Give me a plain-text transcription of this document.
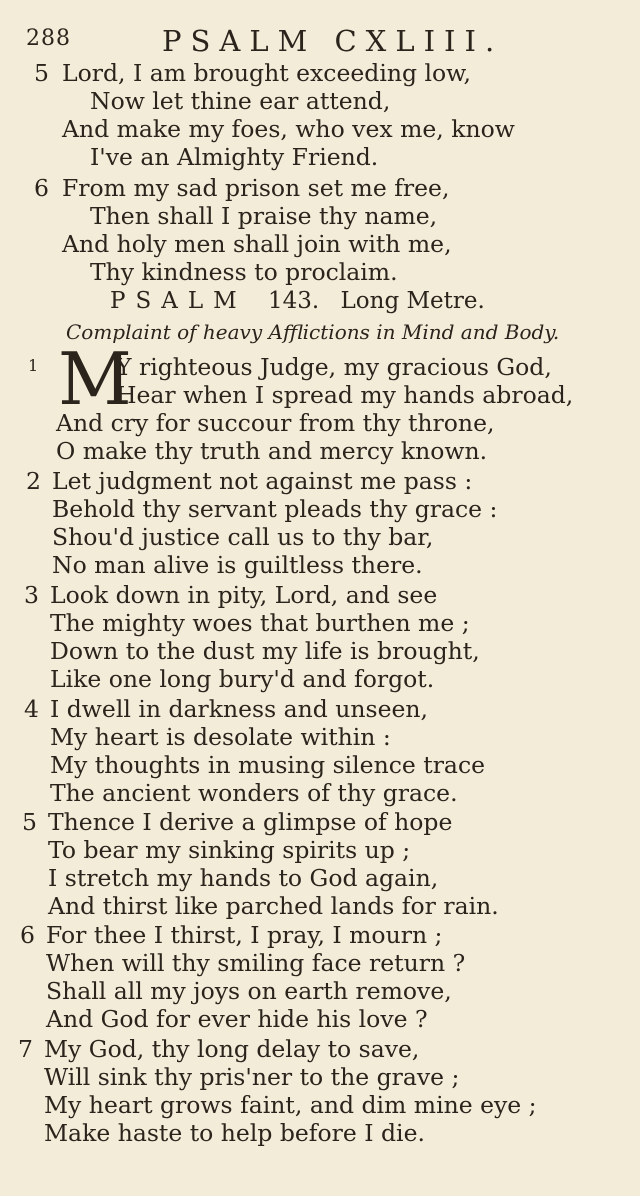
288	PSALM CXLIII.
5 Lord, I am brought exceeding low,
Now let thine ear attend,
And make my foes, who vex me, know
I've an Almighty Friend.
6 From my sad prison set me free,
Then shall I praise thy name,
And holy men shall join with me,
Thy kindness to proclaim.
PSALM 143. Long Metre.
Complaint of heavy Afflictions in Mind and Body.
1 M
Y righteous Judge, my gracious God,
Hear when I spread my hands abroad,
And cry for succour from thy throne,
O make thy truth and mercy known.
2 Let judgment not against me pass :
Behold thy servant pleads thy grace :
Shou'd justice call us to thy bar,
No man alive is guiltless there.
3 Look down in pity, Lord, and see
The mighty woes that burthen me ;
Down to the dust my life is brought,
Like one long bury'd and forgot.
4 I dwell in darkness and unseen,
My heart is desolate within :
My thoughts in musing silence trace
The ancient wonders of thy grace.
5 Thence I derive a glimpse of hope
To bear my sinking spirits up ;
I stretch my hands to God again,
And thirst like parched lands for rain.
6 For thee I thirst, I pray, I mourn ;
When will thy smiling face return ?
Shall all my joys on earth remove,
And God for ever hide his love ?
7 My God, thy long delay to save,
Will sink thy pris'ner to the grave ;
My heart grows faint, and dim mine eye ;
Make haste to help before I die.
